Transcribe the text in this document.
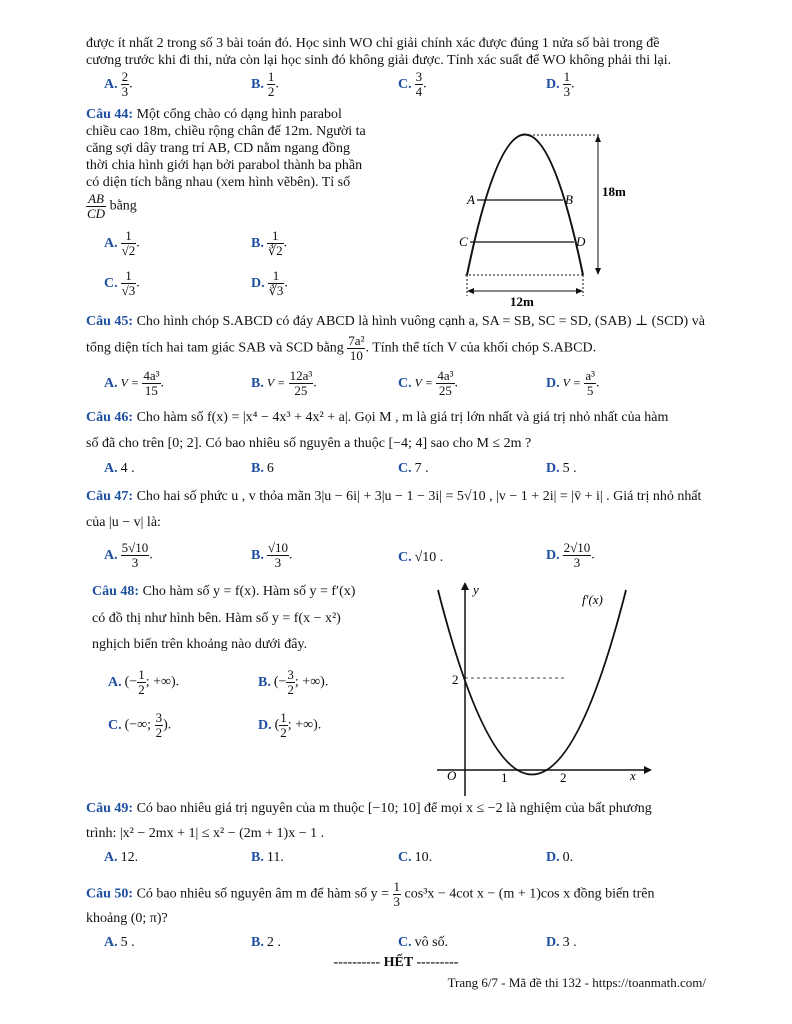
được ít nhất 2 trong số 3 bài toán đó. Học sinh WO chỉ giải chính xác được đúng 1 nửa số bài trong đề
cương trước khi đi thi, nửa còn lại học sinh đó không giải được. Tính xác suất để WO không phải thi lại.
A. $\frac{2}{3}$ .	B. $\frac{1}{2}$ .	C. $\frac{3}{4}$ .	D. $\frac{1}{3}$ .
Câu 44: Một cổng chào có dạng hình parabol
chiều cao 18m, chiều rộng chân đế 12m. Người ta
căng sợi dây trang trí AB, CD nằm ngang đồng
thời chia hình giới hạn bởi parabol thành ba phần
có diện tích bằng nhau (xem hình vẽbên). Tỉ số
$\frac{AB}{CD}$ bằng
A. $\frac{1}{√2}$ .	B. $\frac{1}{∛2}$ .
C. $\frac{1}{√3}$ .	D. $\frac{1}{∛3}$ .
A	B
C	D
18m
12m
Câu 45: Cho hình chóp S.ABCD có đáy ABCD là hình vuông cạnh a, SA = SB, SC = SD, (SAB) ⊥ (SCD) và
tổng diện tích hai tam giác SAB và SCD bằng $\frac{\text{7a²}}{10}$ . Tính thể tích V của khối chóp S.ABCD.
A. $V = \frac{\text{4a³}}{15}$ .	B. $V = \frac{\text{12a³}}{25}$ .	C. $V = \frac{\text{4a³}}{25}$ .	D. $V = \frac{\text{a³}}{5}$ .
Câu 46: Cho hàm số f(x) = |x⁴ − 4x³ + 4x² + a|. Gọi M , m là giá trị lớn nhất và giá trị nhỏ nhất của hàm
số đã cho trên [0; 2]. Có bao nhiêu số nguyên a thuộc [−4; 4] sao cho M ≤ 2m ?
A. 4 .	B. 6	C. 7 .	D. 5 .
Câu 47: Cho hai số phức u , v thỏa mãn 3|u − 6i| + 3|u − 1 − 3i| = 5√10 , |v − 1 + 2i| = |v̄ + i| . Giá trị nhỏ nhất
của |u − v| là:
A. $\frac{5√10}{3}$ .	B. $\frac{√10}{3}$ .	C. √10 .	D. $\frac{2√10}{3}$ .
Câu 48: Cho hàm số y = f(x). Hàm số y = f′(x)
có đồ thị như hình bên. Hàm số y = f(x − x²)
nghịch biến trên khoảng nào dưới đây.
A. (− $\frac{1}{2}$ ; +∞).	B. (− $\frac{3}{2}$ ; +∞).
C. (−∞; $\frac{3}{2}$ ).	D. ( $\frac{1}{2}$ ; +∞).
y
x
f′(x)
O	1	2
2
Câu 49: Có bao nhiêu giá trị nguyên của m thuộc [−10; 10] để mọi x ≤ −2 là nghiệm của bất phương
trình: |x² − 2mx + 1| ≤ x² − (2m + 1)x − 1 .
A. 12.	B. 11.	C. 10.	D. 0.
Câu 50: Có bao nhiêu số nguyên âm m để hàm số $y = \frac{1}{3} \cos^3x - 4\cot$ x − (m + 1)cos x đồng biến trên
khoảng (0; π)?
A. 5 .	B. 2 .	C. vô số.	D. 3 .
---------- HẾT ---------
Trang 6/7 - Mã đề thi 132 - https://toanmath.com/
